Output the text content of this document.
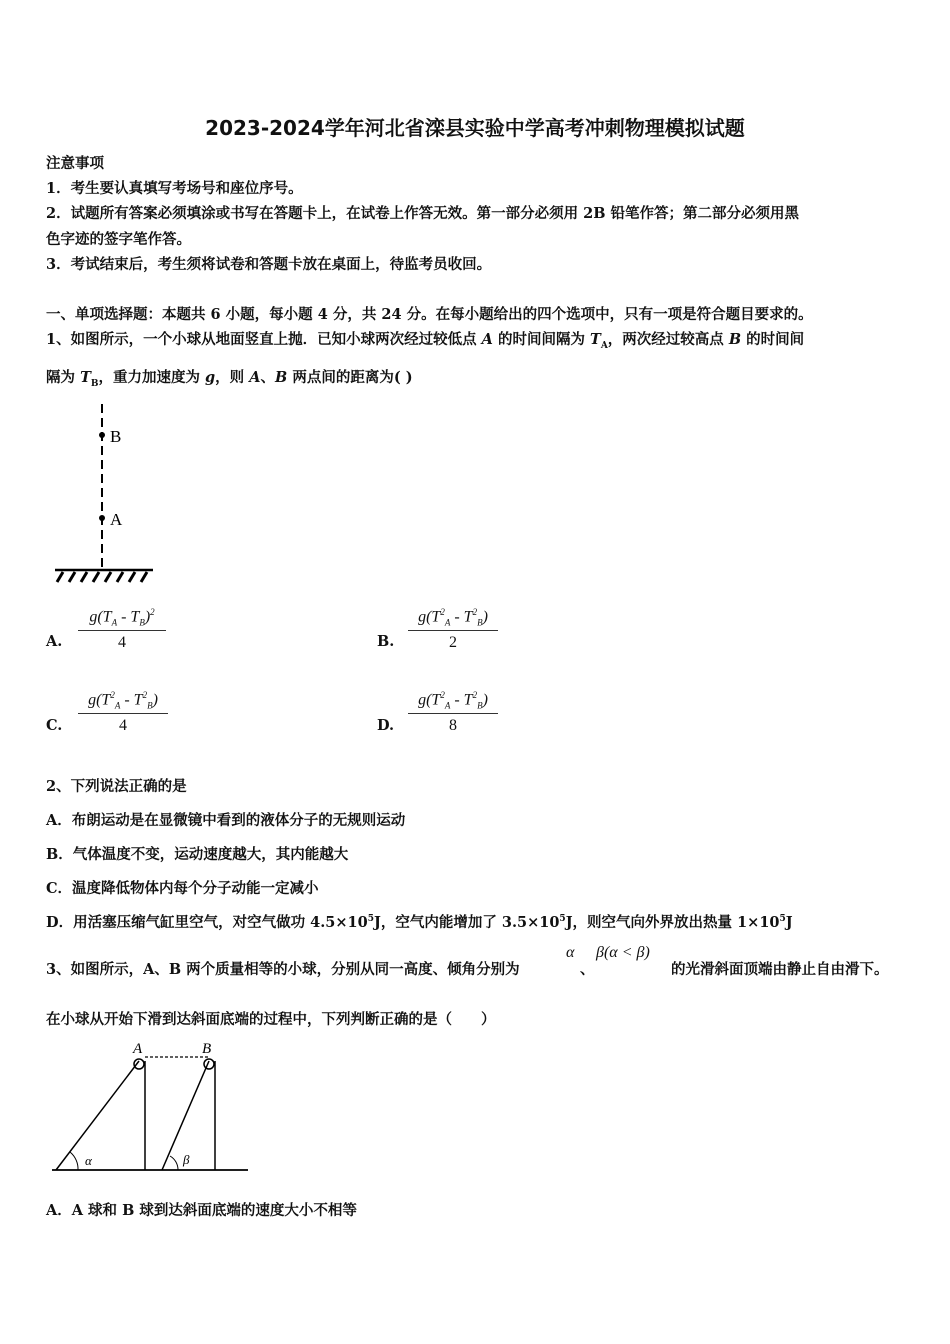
2023-2024学年河北省滦县实验中学高考冲刺物理模拟试题
注意事项
1．考生要认真填写考场号和座位序号。
2．试题所有答案必须填涂或书写在答题卡上，在试卷上作答无效。第一部分必须用 2B 铅笔作答；第二部分必须用黑
色字迹的签字笔作答。
3．考试结束后，考生须将试卷和答题卡放在桌面上，待监考员收回。
一、单项选择题：本题共 6 小题，每小题 4 分，共 24 分。在每小题给出的四个选项中，只有一项是符合题目要求的。
1、如图所示，一个小球从地面竖直上抛．已知小球两次经过较低点 A 的时间间隔为 $T_A$，两次经过较高点 B 的时间间
隔为 $T_B$，重力加速度为 g，则 A、B 两点间的距离为( )
B
A
A. $\frac{g(T_A - T_B)^2}{4}$	B. $\frac{g(T^2_A - T^2_B)}{2}$
C. $\frac{g(T^2_A - T^2_B)}{4}$	D. $\frac{g(T^2_A - T^2_B)}{8}$
2、下列说法正确的是
A．布朗运动是在显微镜中看到的液体分子的无规则运动
B．气体温度不变，运动速度越大，其内能越大
C．温度降低物体内每个分子动能一定减小
D．用活塞压缩气缸里空气，对空气做功 $4.5\times 10^5J$，空气内能增加了 $3.5\times 10^5J$，则空气向外界放出热量 $1\times 10^5J$
3、如图所示，A、B 两个质量相等的小球，分别从同一高度、倾角分别为
α
、
β(α < β)
的光滑斜面顶端由静止自由滑下。
在小球从开始下滑到达斜面底端的过程中，下列判断正确的是（　　）
A	B
α	β
A．A 球和 B 球到达斜面底端的速度大小不相等
